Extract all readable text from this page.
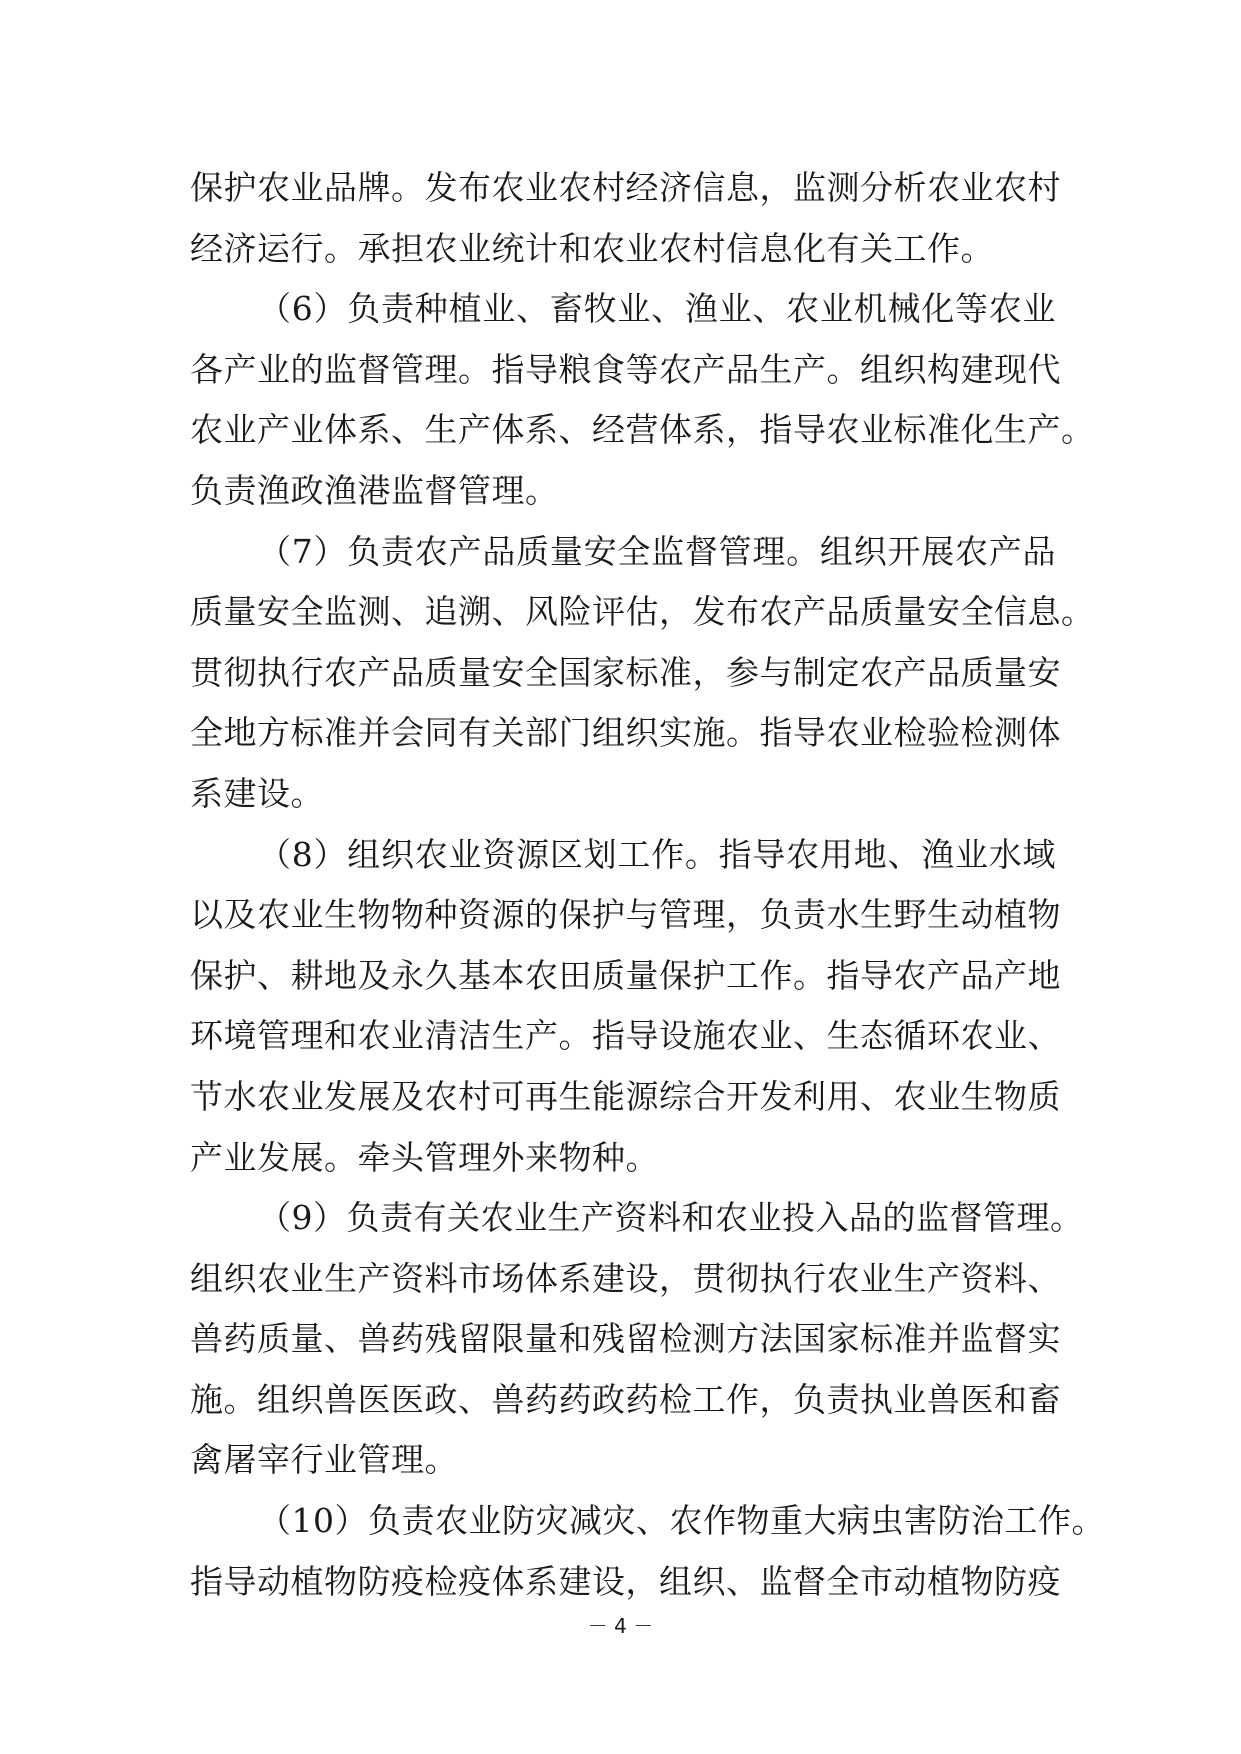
保护农业品牌。发布农业农村经济信息，监测分析农业农村
经济运行。承担农业统计和农业农村信息化有关工作。
（6）负责种植业、畜牧业、渔业、农业机械化等农业
各产业的监督管理。指导粮食等农产品生产。组织构建现代
农业产业体系、生产体系、经营体系，指导农业标准化生产。
负责渔政渔港监督管理。
（7）负责农产品质量安全监督管理。组织开展农产品
质量安全监测、追溯、风险评估，发布农产品质量安全信息。
贯彻执行农产品质量安全国家标准，参与制定农产品质量安
全地方标准并会同有关部门组织实施。指导农业检验检测体
系建设。
（8）组织农业资源区划工作。指导农用地、渔业水域
以及农业生物物种资源的保护与管理，负责水生野生动植物
保护、耕地及永久基本农田质量保护工作。指导农产品产地
环境管理和农业清洁生产。指导设施农业、生态循环农业、
节水农业发展及农村可再生能源综合开发利用、农业生物质
产业发展。牵头管理外来物种。
（9）负责有关农业生产资料和农业投入品的监督管理。
组织农业生产资料市场体系建设，贯彻执行农业生产资料、
兽药质量、兽药残留限量和残留检测方法国家标准并监督实
施。组织兽医医政、兽药药政药检工作，负责执业兽医和畜
禽屠宰行业管理。
（10）负责农业防灾减灾、农作物重大病虫害防治工作。
指导动植物防疫检疫体系建设，组织、监督全市动植物防疫
－ 4 －
